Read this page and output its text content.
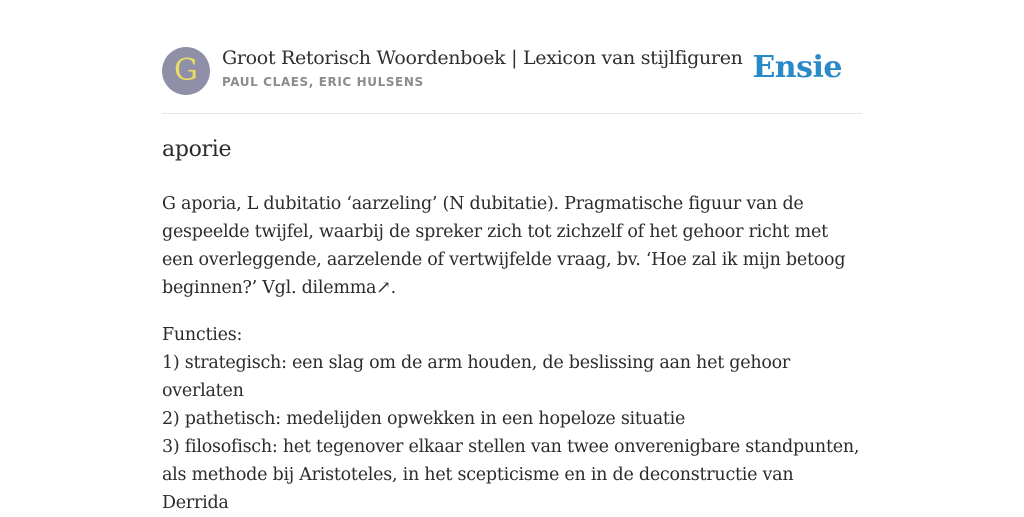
G	Groot Retorisch Woordenboek | Lexicon van stijlfiguren
PAUL CLAES, ERIC HULSENS	Ensie
aporie
G aporia, L dubitatio ‘aarzeling’ (N dubitatie). Pragmatische figuur van de gespeelde twijfel, waarbij de spreker zich tot zichzelf of het gehoor richt met een overleggende, aarzelende of vertwijfelde vraag, bv. ‘Hoe zal ik mijn betoog beginnen?’ Vgl. dilemma↗.
Functies:
1) strategisch: een slag om de arm houden, de beslissing aan het gehoor overlaten
2) pathetisch: medelijden opwekken in een hopeloze situatie
3) filosofisch: het tegenover elkaar stellen van twee onverenigbare standpunten, als methode bij Aristoteles, in het scepticisme en in de deconstructie van Derrida
